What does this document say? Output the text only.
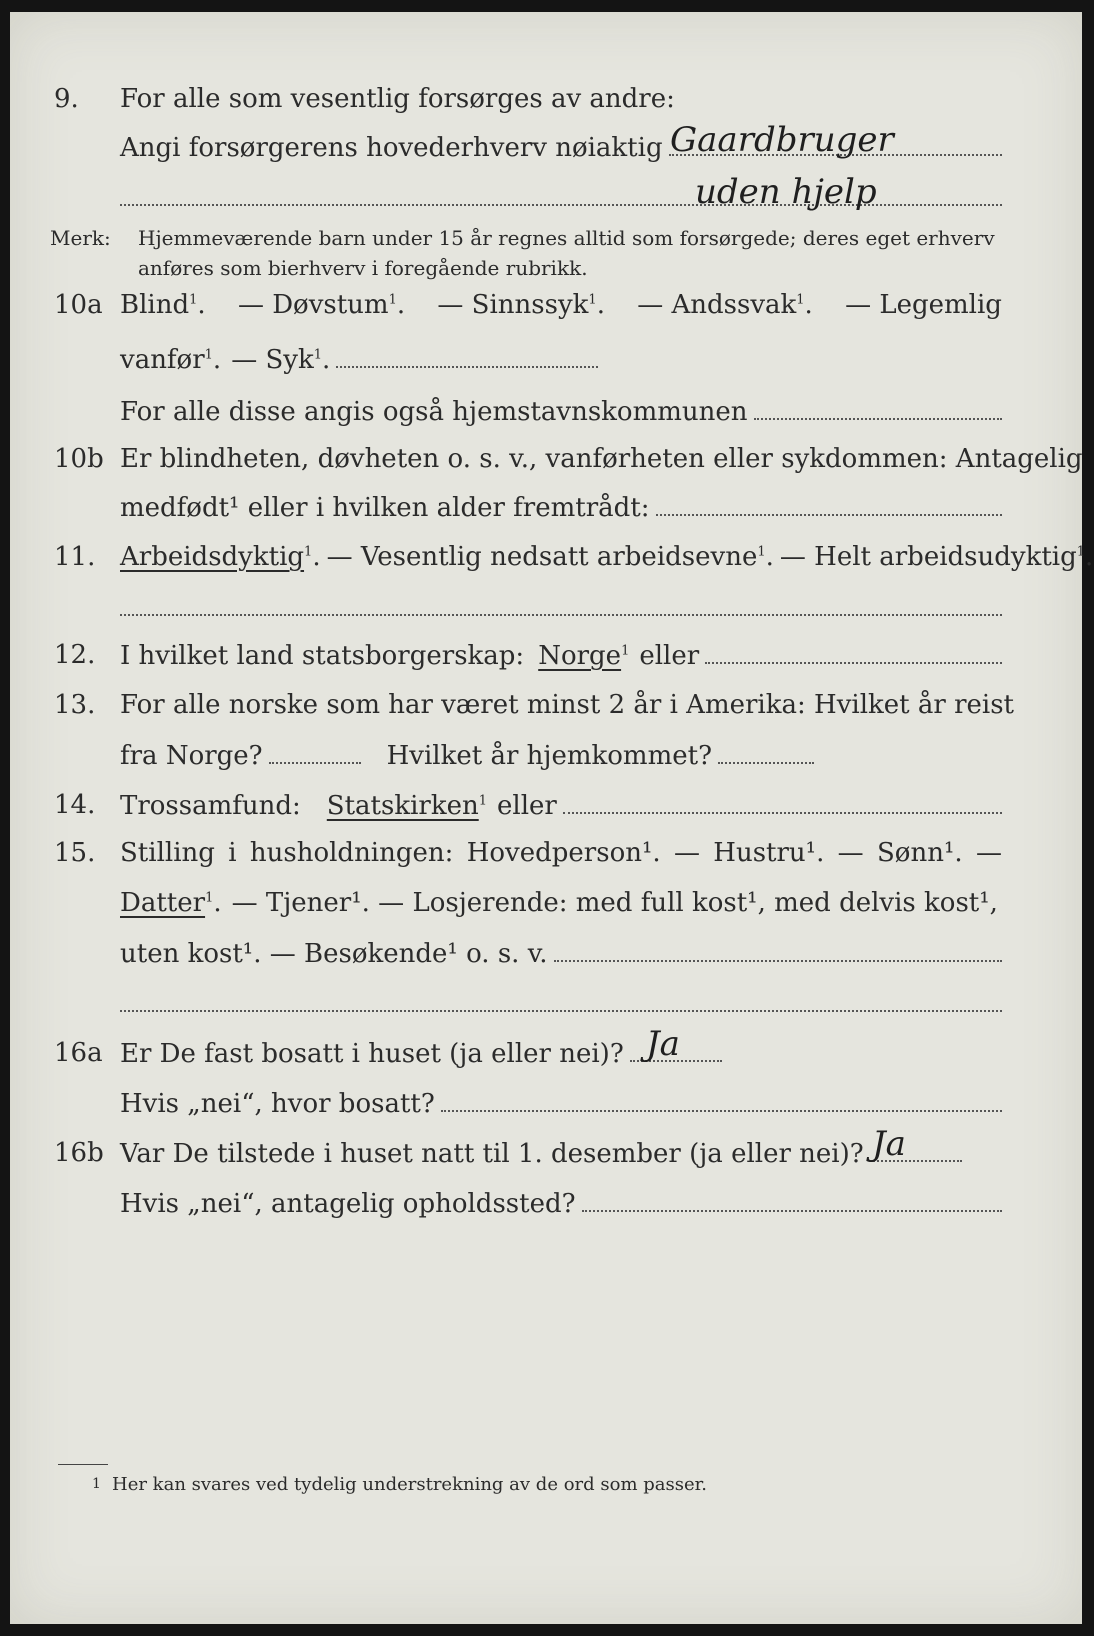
9. For alle som vesentlig forsørges av andre:
Angi forsørgerens hovederhverv nøiaktig Gaardbruger
uden hjelp
Merk: Hjemmeværende barn under 15 år regnes alltid som forsørgede; deres eget erhverv
anføres som bierhverv i foregående rubrikk.
10a Blind$^1$. — Døvstum$^1$. — Sinnssyk$^1$. — Andssvak$^1$. — Legemlig
vanfør$^1$. — Syk$^1$.
For alle disse angis også hjemstavnskommunen
10b Er blindheten, døvheten o. s. v., vanførheten eller sykdommen: Antagelig
medfødt¹ eller i hvilken alder fremtrådt:
11. Arbeidsdyktig$^1$. — Vesentlig nedsatt arbeidsevne$^1$. — Helt arbeidsudyktig$^1$.
12. I hvilket land statsborgerskap: Norge$^1$ eller
13. For alle norske som har været minst 2 år i Amerika: Hvilket år reist
fra Norge?	Hvilket år hjemkommet?
14. Trossamfund: Statskirken$^1$ eller
15. Stilling i husholdningen: Hovedperson¹. — Hustru¹. — Sønn¹. —
Datter$^1$. — Tjener¹. — Losjerende: med full kost¹, med delvis kost¹,
uten kost¹. — Besøkende¹ o. s. v.
16a Er De fast bosatt i huset (ja eller nei)? Ja
Hvis „nei“, hvor bosatt?
16b Var De tilstede i huset natt til 1. desember (ja eller nei)? Ja
Hvis „nei“, antagelig opholdssted?
1 Her kan svares ved tydelig understrekning av de ord som passer.
